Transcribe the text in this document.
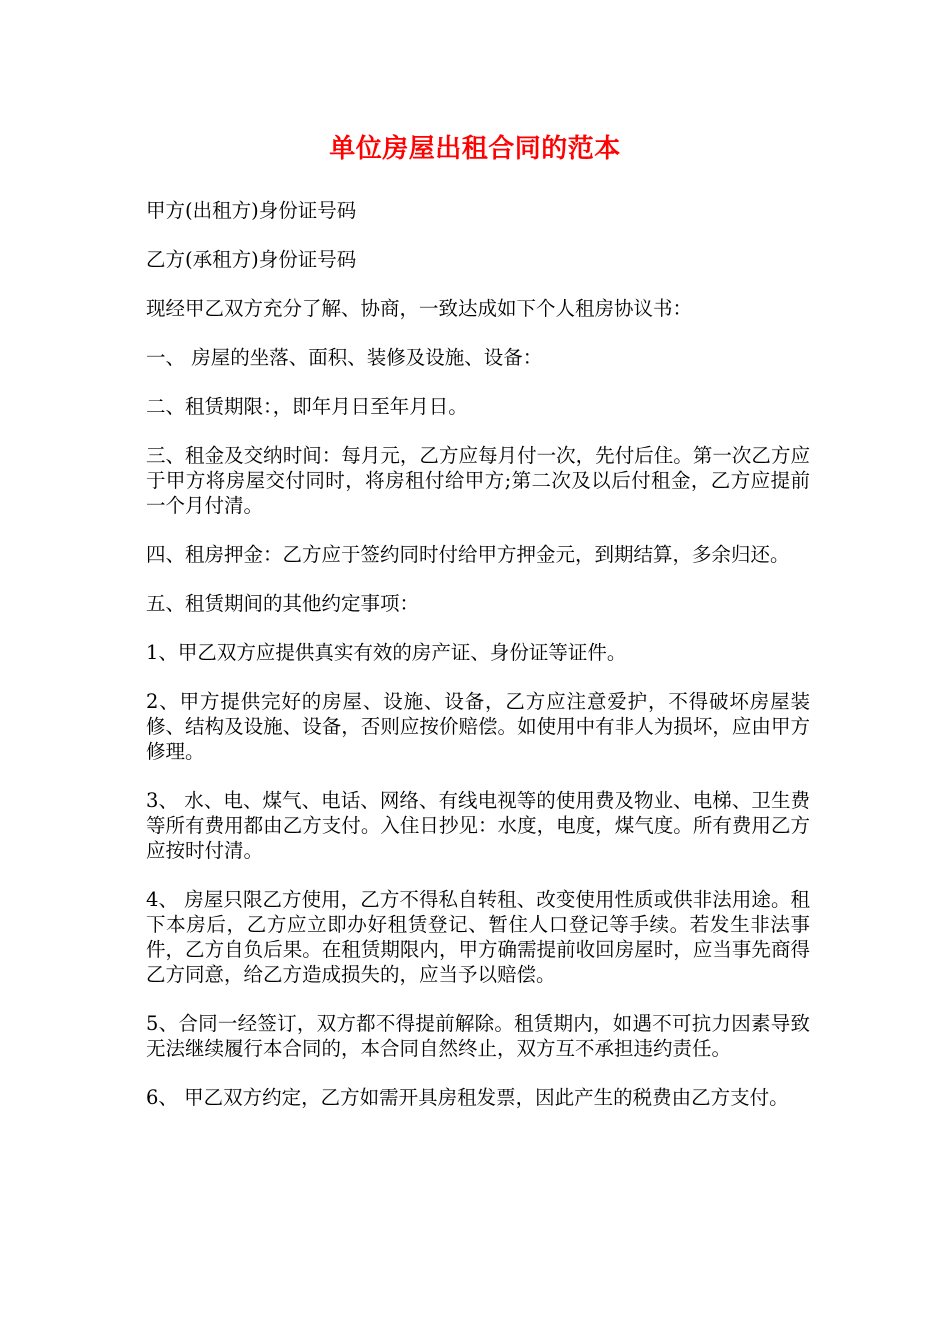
单位房屋出租合同的范本

甲方(出租方)身份证号码

乙方(承租方)身份证号码

现经甲乙双方充分了解、协商，一致达成如下个人租房协议书：

一、 房屋的坐落、面积、装修及设施、设备：

二、租赁期限：，即年月日至年月日。

三、租金及交纳时间：每月元，乙方应每月付一次，先付后住。第一次乙方应于甲方将房屋交付同时，将房租付给甲方;第二次及以后付租金，乙方应提前一个月付清。

四、租房押金：乙方应于签约同时付给甲方押金元，到期结算，多余归还。

五、租赁期间的其他约定事项：

1、甲乙双方应提供真实有效的房产证、身份证等证件。

2、甲方提供完好的房屋、设施、设备，乙方应注意爱护，不得破坏房屋装修、结构及设施、设备，否则应按价赔偿。如使用中有非人为损坏，应由甲方修理。

3、 水、电、煤气、电话、网络、有线电视等的使用费及物业、电梯、卫生费等所有费用都由乙方支付。入住日抄见：水度，电度，煤气度。所有费用乙方应按时付清。

4、 房屋只限乙方使用，乙方不得私自转租、改变使用性质或供非法用途。租下本房后，乙方应立即办好租赁登记、暂住人口登记等手续。若发生非法事件，乙方自负后果。在租赁期限内，甲方确需提前收回房屋时，应当事先商得乙方同意，给乙方造成损失的，应当予以赔偿。

5、合同一经签订，双方都不得提前解除。租赁期内，如遇不可抗力因素导致无法继续履行本合同的，本合同自然终止，双方互不承担违约责任。

6、 甲乙双方约定，乙方如需开具房租发票，因此产生的税费由乙方支付。
